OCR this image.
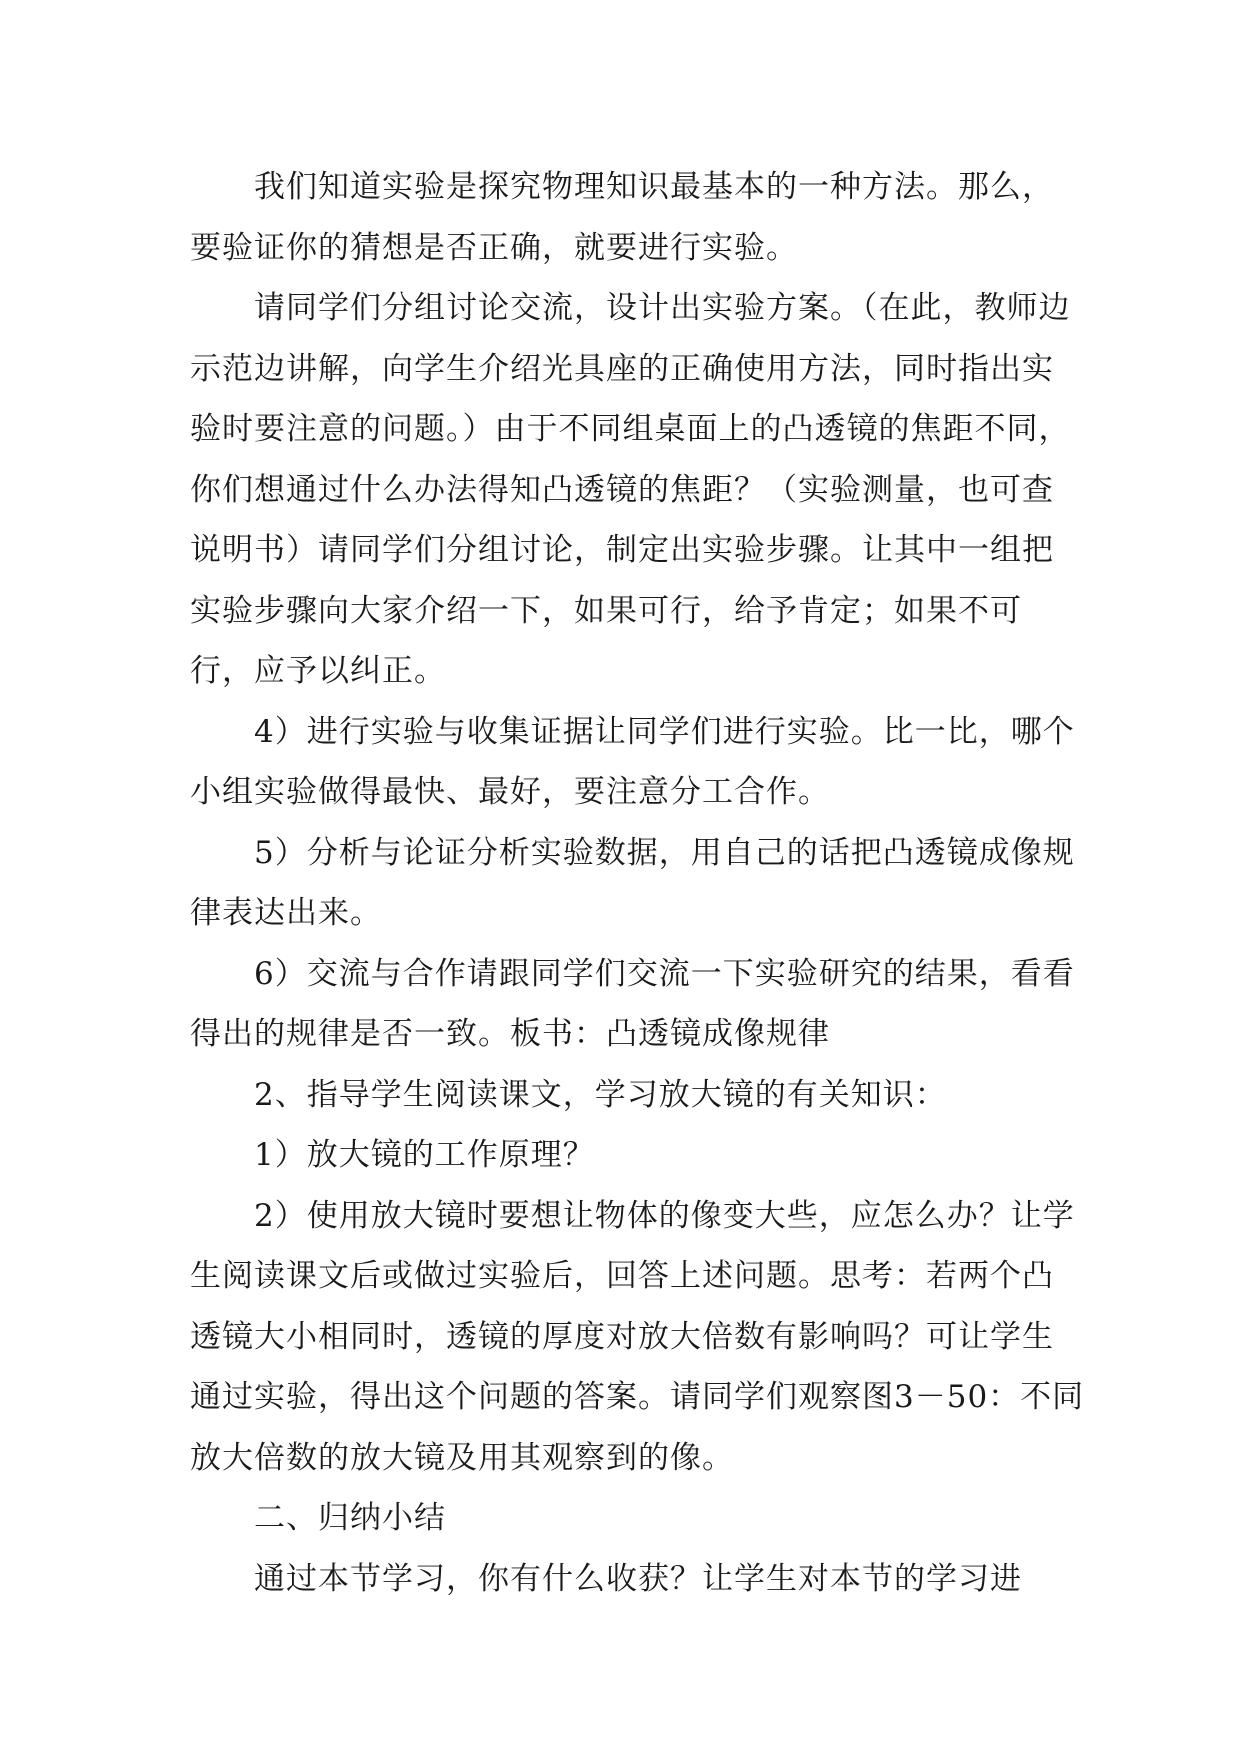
我们知道实验是探究物理知识最基本的一种方法。那么，要验证你的猜想是否正确，就要进行实验。

请同学们分组讨论交流，设计出实验方案。（在此，教师边示范边讲解，向学生介绍光具座的正确使用方法，同时指出实验时要注意的问题。）由于不同组桌面上的凸透镜的焦距不同，你们想通过什么办法得知凸透镜的焦距？（实验测量，也可查说明书）请同学们分组讨论，制定出实验步骤。让其中一组把实验步骤向大家介绍一下，如果可行，给予肯定；如果不可行，应予以纠正。

4）进行实验与收集证据让同学们进行实验。比一比，哪个小组实验做得最快、最好，要注意分工合作。

5）分析与论证分析实验数据，用自己的话把凸透镜成像规律表达出来。

6）交流与合作请跟同学们交流一下实验研究的结果，看看得出的规律是否一致。板书：凸透镜成像规律

2、指导学生阅读课文，学习放大镜的有关知识：

1）放大镜的工作原理？

2）使用放大镜时要想让物体的像变大些，应怎么办？让学生阅读课文后或做过实验后，回答上述问题。思考：若两个凸透镜大小相同时，透镜的厚度对放大倍数有影响吗？可让学生通过实验，得出这个问题的答案。请同学们观察图3－50：不同放大倍数的放大镜及用其观察到的像。

二、归纳小结

通过本节学习，你有什么收获？让学生对本节的学习进
